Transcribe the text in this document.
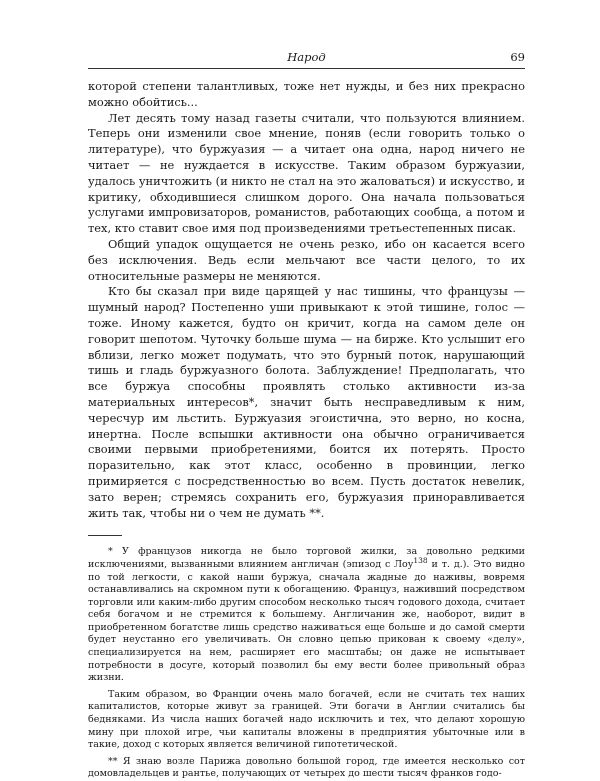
Народ	69

которой степени талантливых, тоже нет нужды, и без них прекрасно можно обойтись...

Лет десять тому назад газеты считали, что пользуются влиянием. Теперь они изменили свое мнение, поняв (если говорить только о литературе), что буржуазия — а читает она одна, народ ничего не читает — не нуждается в искусстве. Таким образом буржуазии, удалось уничтожить (и никто не стал на это жаловаться) и искусство, и критику, обходившиеся слишком дорого. Она начала пользоваться услугами импровизаторов, романистов, работающих сообща, а потом и тех, кто ставит свое имя под произведениями третьестепенных писак.

Общий упадок ощущается не очень резко, ибо он касается всего без исключения. Ведь если мельчают все части целого, то их относительные размеры не меняются.

Кто бы сказал при виде царящей у нас тишины, что французы — шумный народ? Постепенно уши привыкают к этой тишине, голос — тоже. Иному кажется, будто он кричит, когда на самом деле он говорит шепотом. Чуточку больше шума — на бирже. Кто услышит его вблизи, легко может подумать, что это бурный поток, нарушающий тишь и гладь буржуазного болота. Заблуждение! Предполагать, что все буржуа способны проявлять столько активности из-за материальных интересов*, значит быть несправедливым к ним, чересчур им льстить. Буржуазия эгоистична, это верно, но косна, инертна. После вспышки активности она обычно ограничивается своими первыми приобретениями, боится их потерять. Просто поразительно, как этот класс, особенно в провинции, легко примиряется с посредственностью во всем. Пусть достаток невелик, зато верен; стремясь сохранить его, буржуазия приноравливается жить так, чтобы ни о чем не думать **.

* У французов никогда не было торговой жилки, за довольно редкими исключениями, вызванными влиянием англичан (эпизод с Лоу$^{138}$ и т. д.). Это видно по той легкости, с какой наши буржуа, сначала жадные до наживы, вовремя останавливались на скромном пути к обогащению. Француз, наживший посредством торговли или каким-либо другим способом несколько тысяч годового дохода, считает себя богачом и не стремится к большему. Англичанин же, наоборот, видит в приобретенном богатстве лишь средство наживаться еще больше и до самой смерти будет неустанно его увеличивать. Он словно цепью прикован к своему «делу», специализируется на нем, расширяет его масштабы; он даже не испытывает потребности в досуге, который позволил бы ему вести более привольный образ жизни.

Таким образом, во Франции очень мало богачей, если не считать тех наших капиталистов, которые живут за границей. Эти богачи в Англии считались бы бедняками. Из числа наших богачей надо исключить и тех, что делают хорошую мину при плохой игре, чьи капиталы вложены в предприятия убыточные или в такие, доход с которых является величиной гипотетической.

** Я знаю возле Парижа довольно большой город, где имеется несколько сот домовладельцев и рантье, получающих от четырех до шести тысяч франков годо-
